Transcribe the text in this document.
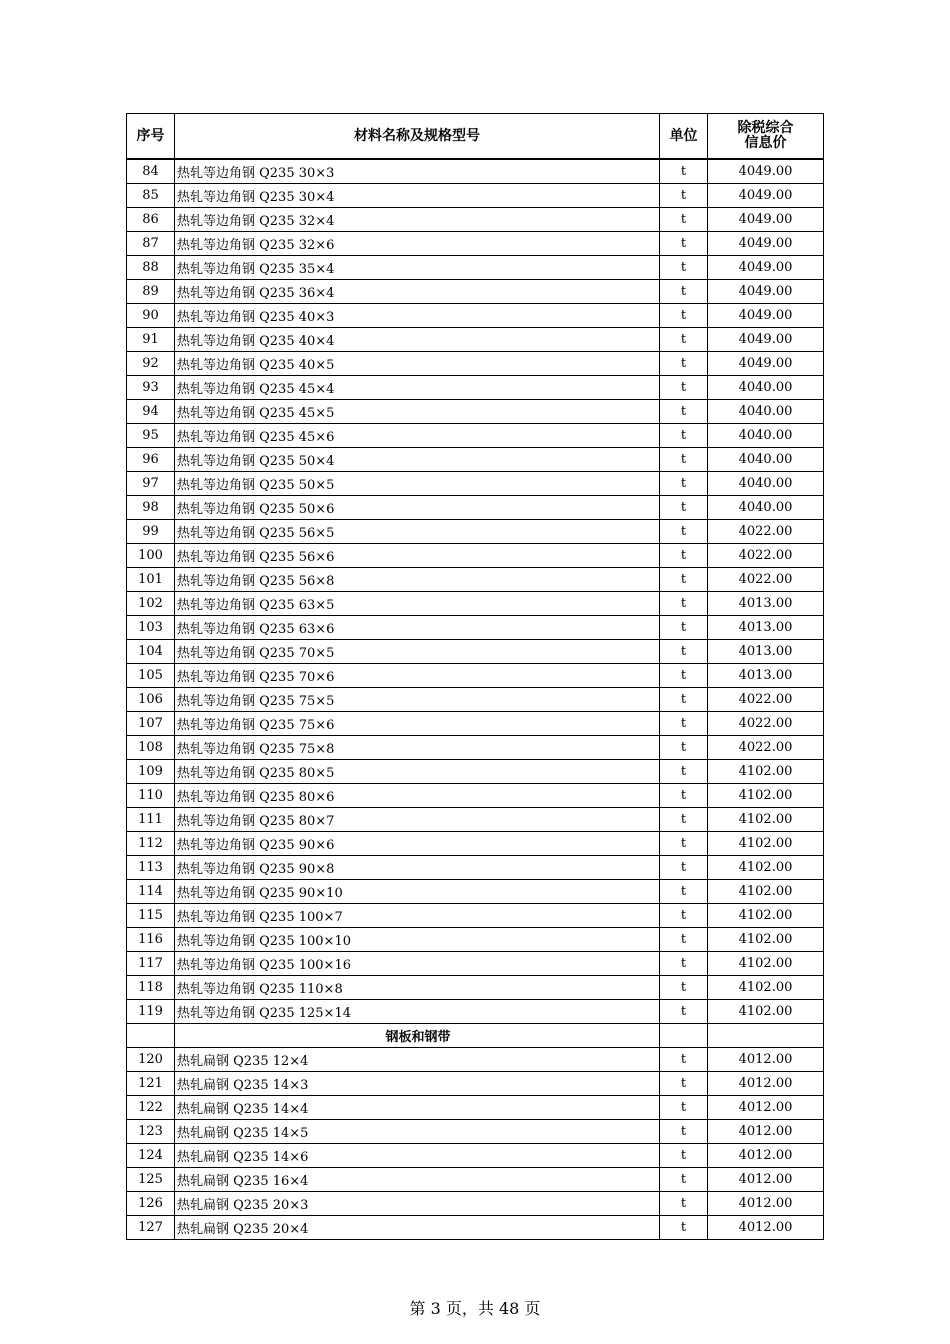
序号	材料名称及规格型号	单位	除税综合
信息价

84	热轧等边角钢 Q235 30×3	t	4049.00
85	热轧等边角钢 Q235 30×4	t	4049.00
86	热轧等边角钢 Q235 32×4	t	4049.00
87	热轧等边角钢 Q235 32×6	t	4049.00
88	热轧等边角钢 Q235 35×4	t	4049.00
89	热轧等边角钢 Q235 36×4	t	4049.00
90	热轧等边角钢 Q235 40×3	t	4049.00
91	热轧等边角钢 Q235 40×4	t	4049.00
92	热轧等边角钢 Q235 40×5	t	4049.00
93	热轧等边角钢 Q235 45×4	t	4040.00
94	热轧等边角钢 Q235 45×5	t	4040.00
95	热轧等边角钢 Q235 45×6	t	4040.00
96	热轧等边角钢 Q235 50×4	t	4040.00
97	热轧等边角钢 Q235 50×5	t	4040.00
98	热轧等边角钢 Q235 50×6	t	4040.00
99	热轧等边角钢 Q235 56×5	t	4022.00
100	热轧等边角钢 Q235 56×6	t	4022.00
101	热轧等边角钢 Q235 56×8	t	4022.00
102	热轧等边角钢 Q235 63×5	t	4013.00
103	热轧等边角钢 Q235 63×6	t	4013.00
104	热轧等边角钢 Q235 70×5	t	4013.00
105	热轧等边角钢 Q235 70×6	t	4013.00
106	热轧等边角钢 Q235 75×5	t	4022.00
107	热轧等边角钢 Q235 75×6	t	4022.00
108	热轧等边角钢 Q235 75×8	t	4022.00
109	热轧等边角钢 Q235 80×5	t	4102.00
110	热轧等边角钢 Q235 80×6	t	4102.00
111	热轧等边角钢 Q235 80×7	t	4102.00
112	热轧等边角钢 Q235 90×6	t	4102.00
113	热轧等边角钢 Q235 90×8	t	4102.00
114	热轧等边角钢 Q235 90×10	t	4102.00
115	热轧等边角钢 Q235 100×7	t	4102.00
116	热轧等边角钢 Q235 100×10	t	4102.00
117	热轧等边角钢 Q235 100×16	t	4102.00
118	热轧等边角钢 Q235 110×8	t	4102.00
119	热轧等边角钢 Q235 125×14	t	4102.00
	钢板和钢带		
120	热轧扁钢 Q235 12×4	t	4012.00
121	热轧扁钢 Q235 14×3	t	4012.00
122	热轧扁钢 Q235 14×4	t	4012.00
123	热轧扁钢 Q235 14×5	t	4012.00
124	热轧扁钢 Q235 14×6	t	4012.00
125	热轧扁钢 Q235 16×4	t	4012.00
126	热轧扁钢 Q235 20×3	t	4012.00
127	热轧扁钢 Q235 20×4	t	4012.00
第 3 页，共 48 页
